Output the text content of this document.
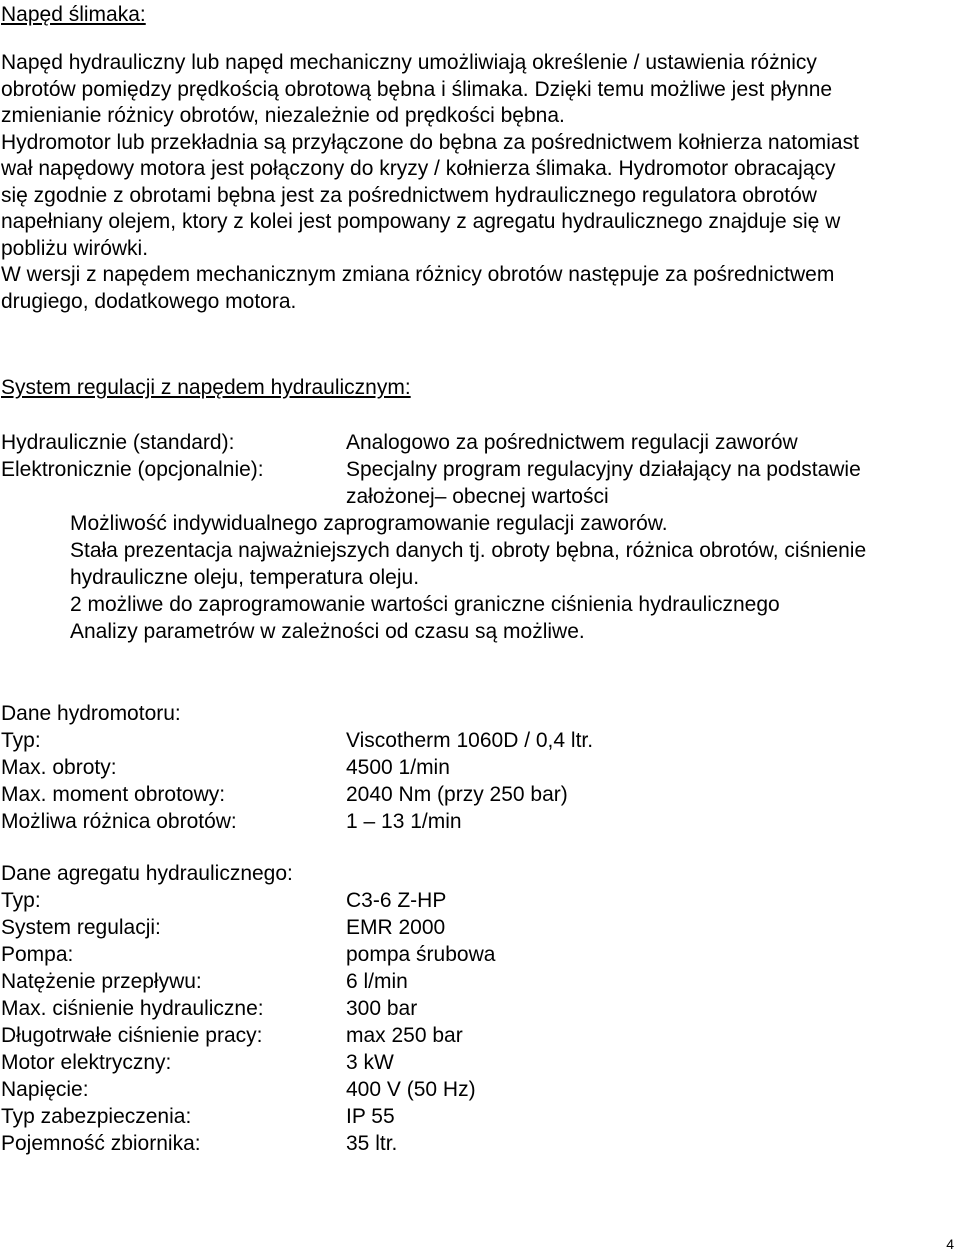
Napęd ślimaka:

Napęd hydrauliczny lub napęd mechaniczny umożliwiają określenie / ustawienia różnicy

obrotów pomiędzy prędkością obrotową bębna i ślimaka. Dzięki temu możliwe jest płynne

zmienianie różnicy obrotów, niezależnie od prędkości bębna.

Hydromotor lub przekładnia są przyłączone do bębna za pośrednictwem kołnierza natomiast

wał napędowy motora jest połączony do kryzy / kołnierza ślimaka. Hydromotor obracający

się zgodnie z obrotami bębna jest za pośrednictwem hydraulicznego regulatora obrotów

napełniany olejem, ktory z kolei jest pompowany z agregatu hydraulicznego znajduje się w

pobliżu wirówki.

W wersji z napędem mechanicznym zmiana różnicy obrotów następuje za pośrednictwem

drugiego, dodatkowego motora.

System regulacji z napędem hydraulicznym:
Hydraulicznie (standard):	Analogowo za pośrednictwem regulacji zaworów
Elektronicznie (opcjonalnie):	Specjalny program regulacyjny działający na podstawie
założonej– obecnej wartości
Możliwość indywidualnego zaprogramowanie regulacji zaworów.
Stała prezentacja najważniejszych danych tj. obroty bębna, różnica obrotów, ciśnienie
hydrauliczne oleju, temperatura oleju.
2 możliwe do zaprogramowanie wartości graniczne ciśnienia hydraulicznego
Analizy parametrów w zależności od czasu są możliwe.
Dane hydromotoru:
Typ:	Viscotherm 1060D / 0,4 ltr.
Max. obroty:	4500 1/min
Max. moment obrotowy:	2040 Nm (przy 250 bar)
Możliwa różnica obrotów:	1 – 13 1/min
Dane agregatu hydraulicznego:
Typ:	C3-6 Z-HP
System regulacji:	EMR 2000
Pompa:	pompa śrubowa
Natężenie przepływu:	6 l/min
Max. ciśnienie hydrauliczne:	300 bar
Długotrwałe ciśnienie pracy:	max 250 bar
Motor elektryczny:	3 kW
Napięcie:	400 V (50 Hz)
Typ zabezpieczenia:	IP 55
Pojemność zbiornika:	35 ltr.
4
